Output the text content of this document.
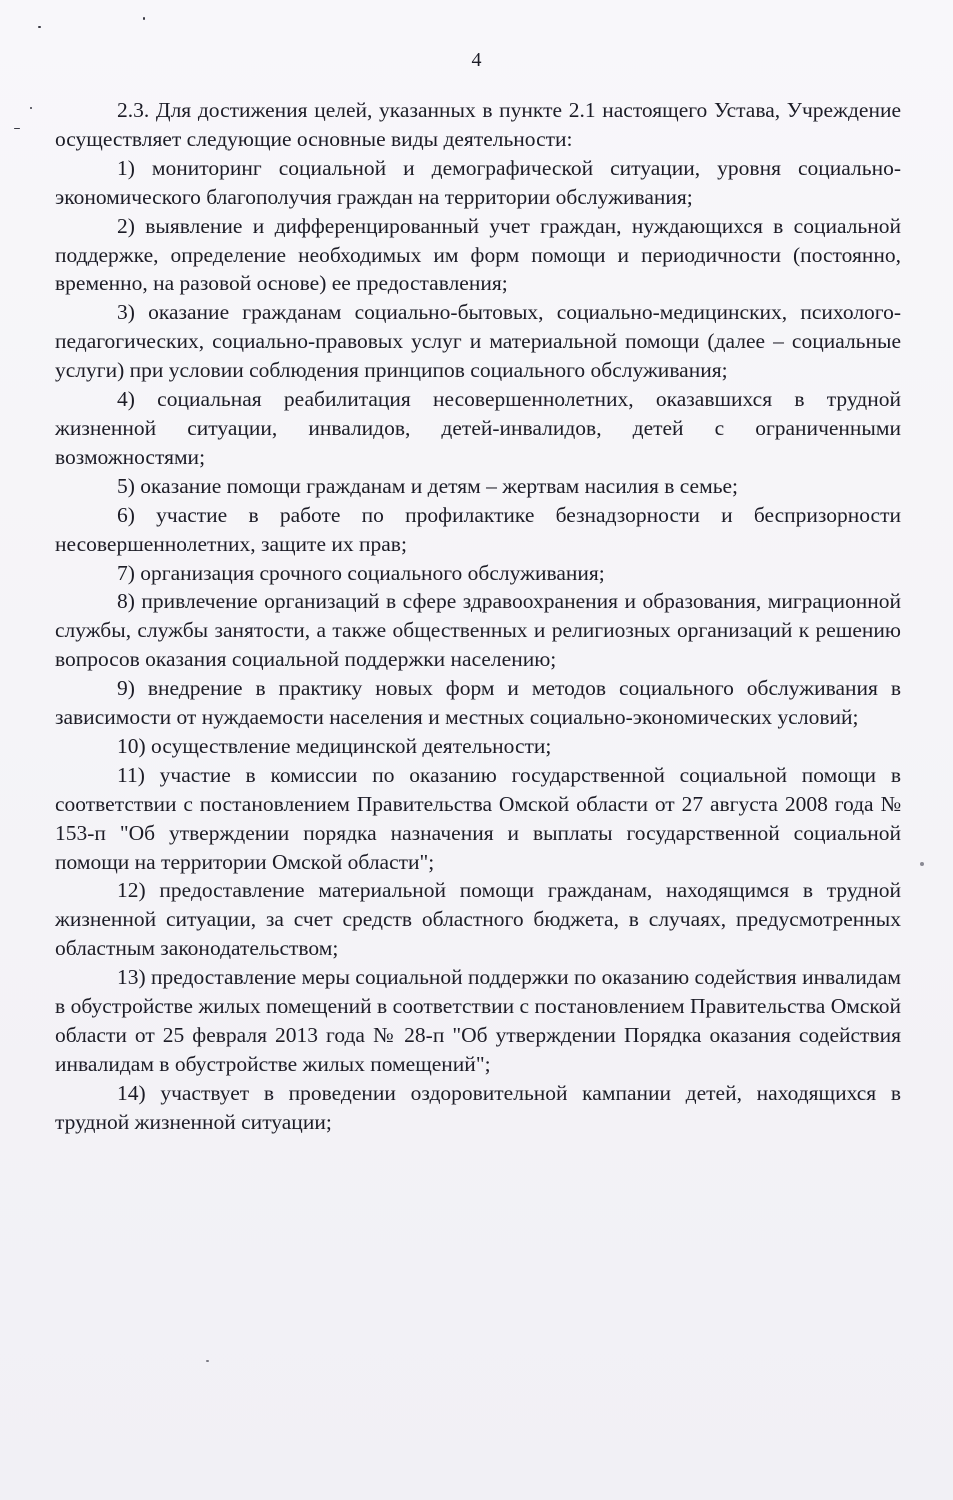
4

2.3. Для достижения целей, указанных в пункте 2.1 настоящего Устава, Учреждение осуществляет следующие основные виды деятельности:

1) мониторинг социальной и демографической ситуации, уровня социально-экономического благополучия граждан на территории обслуживания;

2) выявление и дифференцированный учет граждан, нуждающихся в социальной поддержке, определение необходимых им форм помощи и периодичности (постоянно, временно, на разовой основе) ее предоставления;

3) оказание гражданам социально-бытовых, социально-медицинских, психолого-педагогических, социально-правовых услуг и материальной помощи (далее – социальные услуги) при условии соблюдения принципов социального обслуживания;

4) социальная реабилитация несовершеннолетних, оказавшихся в трудной жизненной ситуации, инвалидов, детей-инвалидов, детей с ограниченными возможностями;

5) оказание помощи гражданам и детям – жертвам насилия в семье;

6) участие в работе по профилактике безнадзорности и беспризорности несовершеннолетних, защите их прав;

7) организация срочного социального обслуживания;

8) привлечение организаций в сфере здравоохранения и образования, миграционной службы, службы занятости, а также общественных и религиозных организаций к решению вопросов оказания социальной поддержки населению;

9) внедрение в практику новых форм и методов социального обслуживания в зависимости от нуждаемости населения и местных социально-экономических условий;

10) осуществление медицинской деятельности;

11) участие в комиссии по оказанию государственной социальной помощи в соответствии с постановлением Правительства Омской области от 27 августа 2008 года № 153-п "Об утверждении порядка назначения и выплаты государственной социальной помощи на территории Омской области";

12) предоставление материальной помощи гражданам, находящимся в трудной жизненной ситуации, за счет средств областного бюджета, в случаях, предусмотренных областным законодательством;

13) предоставление меры социальной поддержки по оказанию содействия инвалидам в обустройстве жилых помещений в соответствии с постановлением Правительства Омской области от 25 февраля 2013 года № 28-п "Об утверждении Порядка оказания содействия инвалидам в обустройстве жилых помещений";

14) участвует в проведении оздоровительной кампании детей, находящихся в трудной жизненной ситуации;
